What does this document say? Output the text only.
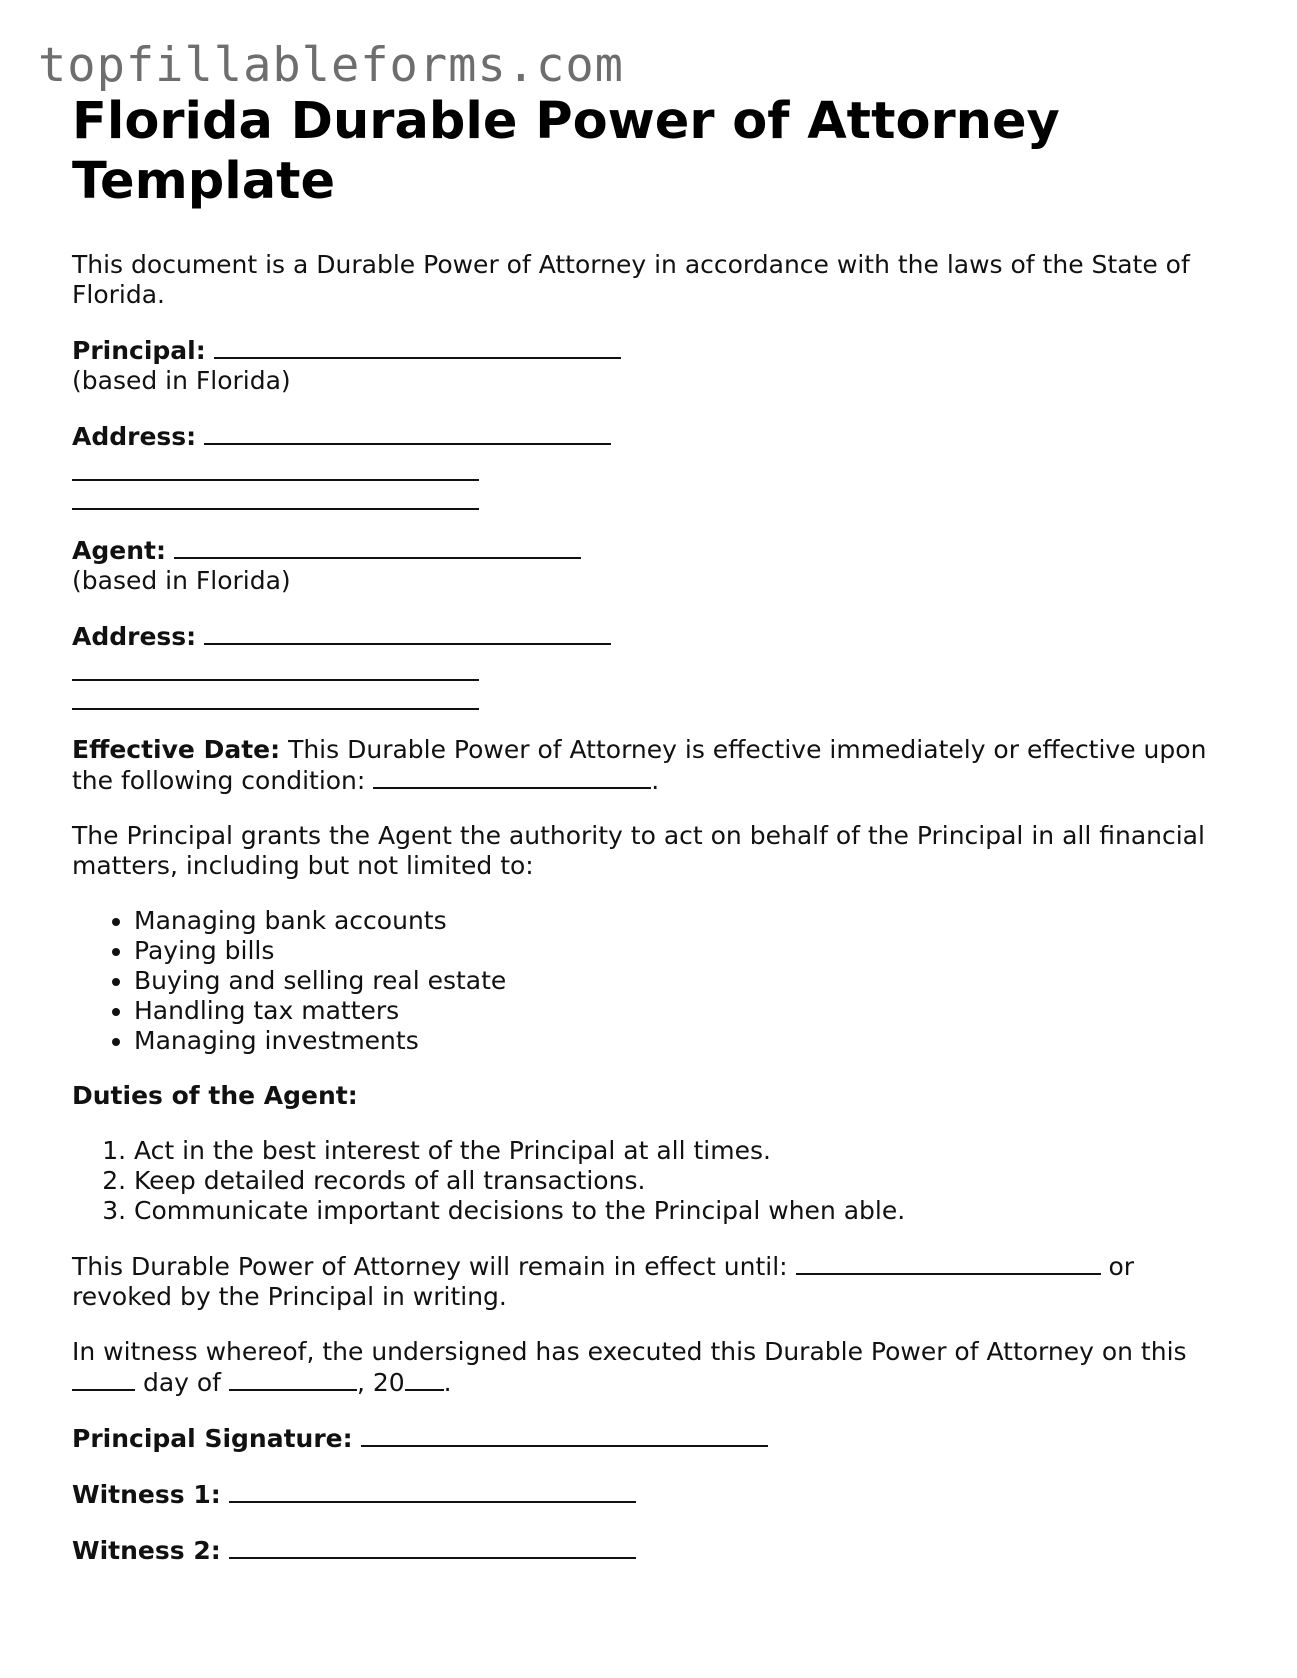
topfillableforms.com
Florida Durable Power of Attorney Template

This document is a Durable Power of Attorney in accordance with the laws of the State of Florida.

Principal:

(based in Florida)

Address:

Agent:

(based in Florida)

Address:

Effective Date: This Durable Power of Attorney is effective immediately or effective upon the following condition:	.

The Principal grants the Agent the authority to act on behalf of the Principal in all financial matters, including but not limited to:

• Managing bank accounts
• Paying bills
• Buying and selling real estate
• Handling tax matters
• Managing investments

Duties of the Agent:

1. Act in the best interest of the Principal at all times.
2. Keep detailed records of all transactions.
3. Communicate important decisions to the Principal when able.

This Durable Power of Attorney will remain in effect until:	or revoked by the Principal in writing.

In witness whereof, the undersigned has executed this Durable Power of Attorney on this  day of	, 20 .

Principal Signature:

Witness 1:

Witness 2:
